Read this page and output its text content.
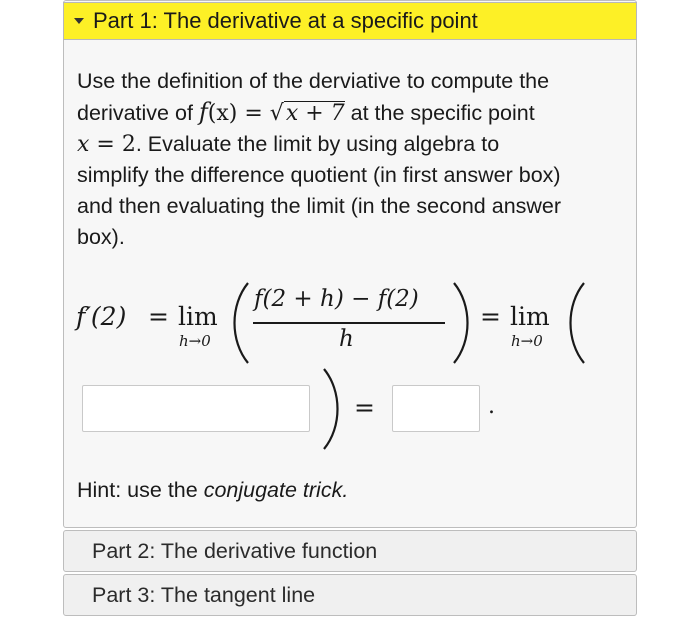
Part 1: The derivative at a specific point
Use the definition of the derviative to compute the
derivative of f(x) = √x + 7 at the specific point
x = 2. Evaluate the limit by using algebra to
simplify the difference quotient (in first answer box)
and then evaluating the limit (in the second answer
box).
f′(2) = lim
h→0
f(2 + h) − f(2)
h
= lim
h→0
=	.
Hint: use the conjugate trick.
Part 2: The derivative function
Part 3: The tangent line
